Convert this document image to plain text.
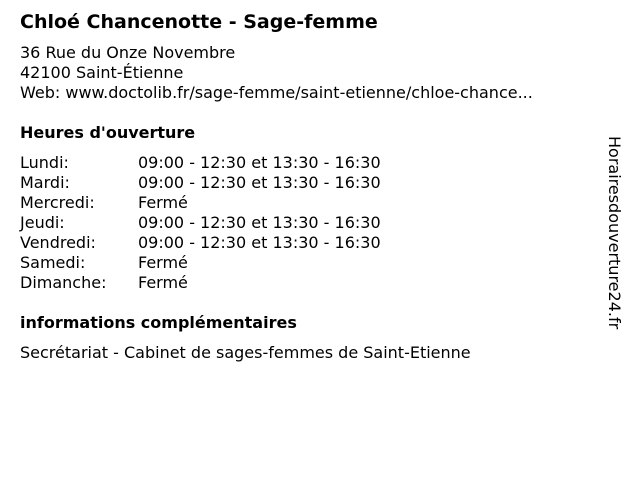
Chloé Chancenotte - Sage-femme
36 Rue du Onze Novembre
42100 Saint-Étienne
Web: www.doctolib.fr/sage-femme/saint-etienne/chloe-chance...
Heures d'ouverture
Lundi:	09:00 - 12:30 et 13:30 - 16:30
Mardi:	09:00 - 12:30 et 13:30 - 16:30
Mercredi:	Fermé
Jeudi:	09:00 - 12:30 et 13:30 - 16:30
Vendredi:	09:00 - 12:30 et 13:30 - 16:30
Samedi:	Fermé
Dimanche: Fermé
informations complémentaires
Secrétariat - Cabinet de sages-femmes de Saint-Etienne
Horairesdouverture24.fr
